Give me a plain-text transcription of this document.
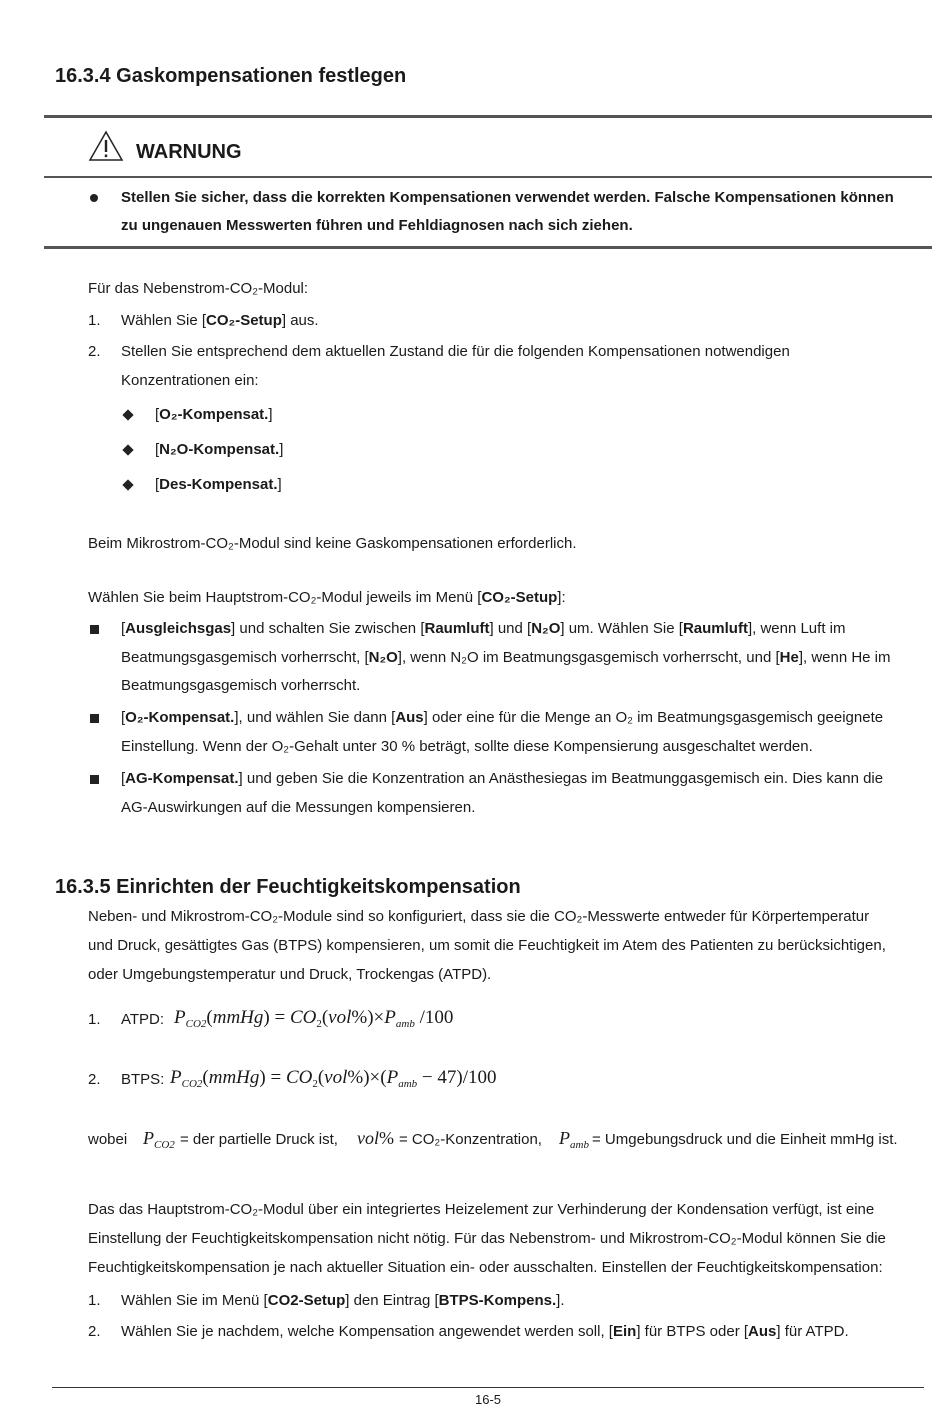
16.3.4 Gaskompensationen festlegen
WARNUNG
Stellen Sie sicher, dass die korrekten Kompensationen verwendet werden. Falsche Kompensationen können
zu ungenauen Messwerten führen und Fehldiagnosen nach sich ziehen.
Für das Nebenstrom-CO₂-Modul:
1. Wählen Sie [CO₂-Setup] aus.
2. Stellen Sie entsprechend dem aktuellen Zustand die für die folgenden Kompensationen notwendigen
Konzentrationen ein:
[O₂-Kompensat.]
[N₂O-Kompensat.]
[Des-Kompensat.]
Beim Mikrostrom-CO₂-Modul sind keine Gaskompensationen erforderlich.
Wählen Sie beim Hauptstrom-CO₂-Modul jeweils im Menü [CO₂-Setup]:
[Ausgleichsgas] und schalten Sie zwischen [Raumluft] und [N₂O] um. Wählen Sie [Raumluft], wenn Luft im
Beatmungsgasgemisch vorherrscht, [N₂O], wenn N₂O im Beatmungsgasgemisch vorherrscht, und [He], wenn He im
Beatmungsgasgemisch vorherrscht.
[O₂-Kompensat.], und wählen Sie dann [Aus] oder eine für die Menge an O₂ im Beatmungsgasgemisch geeignete
Einstellung. Wenn der O₂-Gehalt unter 30 % beträgt, sollte diese Kompensierung ausgeschaltet werden.
[AG-Kompensat.] und geben Sie die Konzentration an Anästhesiegas im Beatmunggasgemisch ein. Dies kann die
AG-Auswirkungen auf die Messungen kompensieren.
16.3.5 Einrichten der Feuchtigkeitskompensation
Neben- und Mikrostrom-CO₂-Module sind so konfiguriert, dass sie die CO₂-Messwerte entweder für Körpertemperatur
und Druck, gesättigtes Gas (BTPS) kompensieren, um somit die Feuchtigkeit im Atem des Patienten zu berücksichtigen,
oder Umgebungstemperatur und Druck, Trockengas (ATPD).
1. ATPD: $P_{CO2}(mmHg) = CO_2(vol\%)\times P_{amb}$ /100
2. BTPS: $P_{CO2}(mmHg) = CO_2(vol\%)\times(P_{amb} - 47)/100$
wobei $P_{CO2}$ = der partielle Druck ist, vol% = CO₂-Konzentration, $P_{amb}$ = Umgebungsdruck und die Einheit mmHg ist.
Das das Hauptstrom-CO₂-Modul über ein integriertes Heizelement zur Verhinderung der Kondensation verfügt, ist eine
Einstellung der Feuchtigkeitskompensation nicht nötig. Für das Nebenstrom- und Mikrostrom-CO₂-Modul können Sie die
Feuchtigkeitskompensation je nach aktueller Situation ein- oder ausschalten. Einstellen der Feuchtigkeitskompensation:
1. Wählen Sie im Menü [CO2-Setup] den Eintrag [BTPS-Kompens.].
2. Wählen Sie je nachdem, welche Kompensation angewendet werden soll, [Ein] für BTPS oder [Aus] für ATPD.
16-5
